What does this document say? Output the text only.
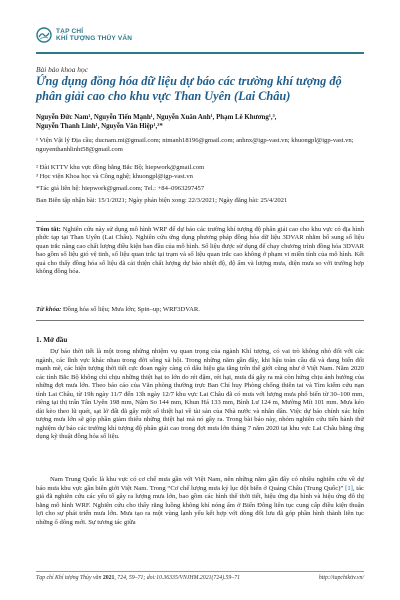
TẠP CHÍ
KHÍ TƯỢNG THỦY VĂN
Bài báo khoa học
Ứng dụng đồng hóa dữ liệu dự báo các trường khí tượng độ phân giải cao cho khu vực Than Uyên (Lai Châu)
Nguyễn Đức Nam¹, Nguyễn Tiến Mạnh¹, Nguyễn Xuân Anh¹, Phạm Lê Khương¹,³,
Nguyễn Thanh Linh¹, Nguyễn Văn Hiệp¹,²*
¹ Viện Vật lý Địa cầu; ducnam.mi@gmail.com; ntmanh18196@gmail.com; anhnx@igp-vast.vn; khuongpl@igp-vast.vn; nguyenthanhlinht58@gmail.com
² Đài KTTV khu vực đồng bằng Bắc Bộ; hiepwork@gmail.com
³ Học viện Khoa học và Công nghệ; khuongpl@igp-vast.vn
*Tác giả liên hệ: hiepwork@gmail.com; Tel.: +84–0963297457
Ban Biên tập nhận bài: 15/1/2021; Ngày phản biện xong: 22/3/2021; Ngày đăng bài: 25/4/2021
Tóm tắt: Nghiên cứu này sử dụng mô hình WRF để dự báo các trường khí tượng độ phân giải cao cho khu vực có địa hình phức tạp tại Than Uyên (Lai Châu). Nghiên cứu ứng dụng phương pháp đồng hóa dữ liệu 3DVAR nhằm bổ sung số liệu quan trắc nâng cao chất lượng điều kiện ban đầu của mô hình. Số liệu được sử dụng để chạy chương trình đồng hóa 3DVAR bao gồm số liệu gió vệ tinh, số liệu quan trắc tại trạm và số liệu quan trắc cao không ở phạm vi miền tính của mô hình. Kết quả cho thấy đồng hóa số liệu đã cải thiện chất lượng dự báo nhiệt độ, độ ẩm và lượng mưa, diện mưa so với trường hợp không đồng hóa.
Từ khóa: Đồng hóa số liệu; Mưa lớn; Spin–up; WRF3DVAR.
1. Mở đầu
Dự báo thời tiết là một trong những nhiệm vụ quan trọng của ngành Khí tượng, có vai trò không nhỏ đối với các ngành, các lĩnh vực khác nhau trong đời sống xã hội. Trong những năm gần đây, khi hậu toàn cầu đã và đang biến đổi mạnh mẽ, các hiện tượng thời tiết cực đoan ngày càng có dấu hiệu gia tăng trên thế giới cũng như ở Việt Nam. Năm 2020 các tỉnh Bắc Bộ không chỉ chịu những thiệt hại to lớn do rét đậm, rét hại, mưa đá gây ra mà còn hứng chịu ảnh hưởng của những đợt mưa lớn. Theo báo cáo của Văn phòng thường trực Ban Chỉ huy Phòng chống thiên tai và Tìm kiếm cứu nạn tỉnh Lai Châu, từ 19h ngày 11/7 đến 13h ngày 12/7 khu vực Lai Châu đã có mưa với lượng mưa phổ biến từ 30–100 mm, riêng tại thị trấn Tân Uyên 198 mm, Nậm So 144 mm, Khun Há 133 mm, Bình Lư 124 m, Mường Mít 101 mm. Mưa kéo dài kèo theo lũ quét, sạt lở đất đã gây một số thiệt hại về tài sản của Nhà nước và nhân dân. Việc dự báo chính xác hiện tượng mưa lớn sẽ góp phần giảm thiểu những thiệt hại mà nó gây ra. Trong bài báo này, nhóm nghiên cứu tiến hành thử nghiệm dự báo các trường khí tượng độ phân giải cao trong đợt mưa lớn tháng 7 năm 2020 tại khu vực Lai Châu bằng ứng dụng kỹ thuật đồng hóa số liệu.
Nam Trung Quốc là khu vực có cơ chế mưa gần với Việt Nam, nên những năm gần đây có nhiều nghiên cứu về dự báo mưa khu vực gần biên giới Việt Nam. Trong “Cơ chế lượng mưa kỷ lục đột biến ở Quảng Châu (Trung Quốc)” [1], tác giả đã nghiên cứu các yếu tố gây ra lượng mưa lớn, bao gồm các hình thế thời tiết, hiệu ứng địa hình và hiệu ứng đô thị bằng mô hình WRF. Nghiên cứu cho thấy rằng luồng không khí nóng ẩm ở Biển Đông liên tục cung cấp điều kiện thuận lợi cho sự phát triển mưa lớn. Mưa tạo ra một vùng lạnh yếu kết hợp với dòng đối lưu đã góp phần hình thành liên tục những ổ dông mới. Sự tương tác giữa
Tạp chí Khí tượng Thủy văn 2021, 724, 59–71; doi:10.36335/VNJHM.2021(724).59–71	http://tapchikttv.vn/
